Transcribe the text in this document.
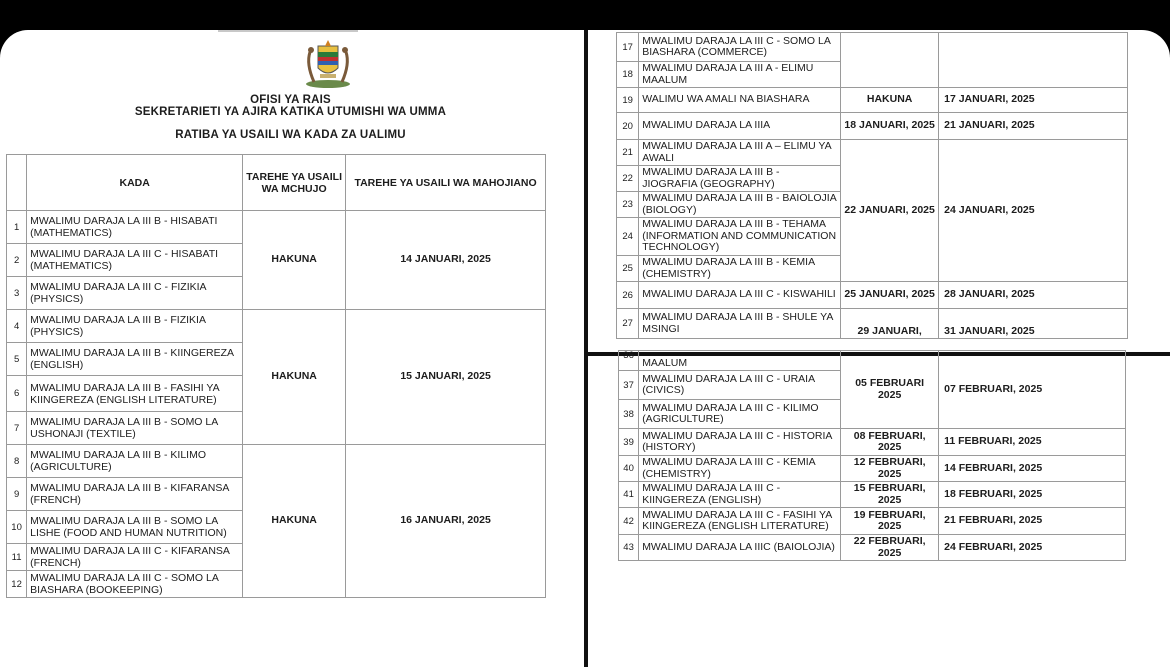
OFISI YA RAIS
SEKRETARIETI YA AJIRA KATIKA UTUMISHI WA UMMA
RATIBA YA USAILI WA KADA ZA UALIMU
	KADA	TAREHE YA USAILI WA MCHUJO	TAREHE YA USAILI WA MAHOJIANO
1	MWALIMU DARAJA LA III B - HISABATI (MATHEMATICS)	HAKUNA	14 JANUARI, 2025
2	MWALIMU DARAJA LA III C - HISABATI (MATHEMATICS)		
3	MWALIMU DARAJA LA III C - FIZIKIA (PHYSICS)		
4	MWALIMU DARAJA LA III B - FIZIKIA (PHYSICS)	HAKUNA	15 JANUARI, 2025
5	MWALIMU DARAJA LA III B - KIINGEREZA (ENGLISH)		
6	MWALIMU DARAJA LA III B - FASIHI YA KIINGEREZA (ENGLISH LITERATURE)		
7	MWALIMU DARAJA LA III B - SOMO LA USHONAJI (TEXTILE)		
8	MWALIMU DARAJA LA III B - KILIMO (AGRICULTURE)	HAKUNA	16 JANUARI, 2025
9	MWALIMU DARAJA LA III B - KIFARANSA (FRENCH)		
10	MWALIMU DARAJA LA III B - SOMO LA LISHE (FOOD AND HUMAN NUTRITION)		
11	MWALIMU DARAJA LA III C - KIFARANSA (FRENCH)		
12	MWALIMU DARAJA LA III C - SOMO LA BIASHARA (BOOKEEPING)		
17	MWALIMU DARAJA LA III C - SOMO LA BIASHARA (COMMERCE)		
18	MWALIMU DARAJA LA III A - ELIMU MAALUM		
19	WALIMU WA AMALI NA BIASHARA	HAKUNA	17 JANUARI, 2025
20	MWALIMU DARAJA LA IIIA	18 JANUARI, 2025	21 JANUARI, 2025
21	MWALIMU DARAJA LA III A – ELIMU YA AWALI	22 JANUARI, 2025	24 JANUARI, 2025
22	MWALIMU DARAJA LA III B - JIOGRAFIA (GEOGRAPHY)		
23	MWALIMU DARAJA LA III B - BAIOLOJIA (BIOLOGY)		
24	MWALIMU DARAJA LA III B - TEHAMA (INFORMATION AND COMMUNICATION TECHNOLOGY)		
25	MWALIMU DARAJA LA III B - KEMIA (CHEMISTRY)		
26	MWALIMU DARAJA LA III C - KISWAHILI	25 JANUARI, 2025	28 JANUARI, 2025
27	MWALIMU DARAJA LA III B - SHULE YA MSINGI	29 JANUARI,	31 JANUARI, 2025
36	MAALUM	05 FEBRUARI 2025	07 FEBRUARI, 2025
37	MWALIMU DARAJA LA III C - URAIA (CIVICS)		
38	MWALIMU DARAJA LA III C - KILIMO (AGRICULTURE)		
39	MWALIMU DARAJA LA III C - HISTORIA (HISTORY)	08 FEBRUARI, 2025	11 FEBRUARI, 2025
40	MWALIMU DARAJA LA III C - KEMIA (CHEMISTRY)	12 FEBRUARI, 2025	14 FEBRUARI, 2025
41	MWALIMU DARAJA LA III C - KIINGEREZA (ENGLISH)	15 FEBRUARI, 2025	18 FEBRUARI, 2025
42	MWALIMU DARAJA LA III C - FASIHI YA KIINGEREZA (ENGLISH LITERATURE)	19 FEBRUARI, 2025	21 FEBRUARI, 2025
43	MWALIMU DARAJA LA IIIC (BAIOLOJIA)	22 FEBRUARI, 2025	24 FEBRUARI, 2025
